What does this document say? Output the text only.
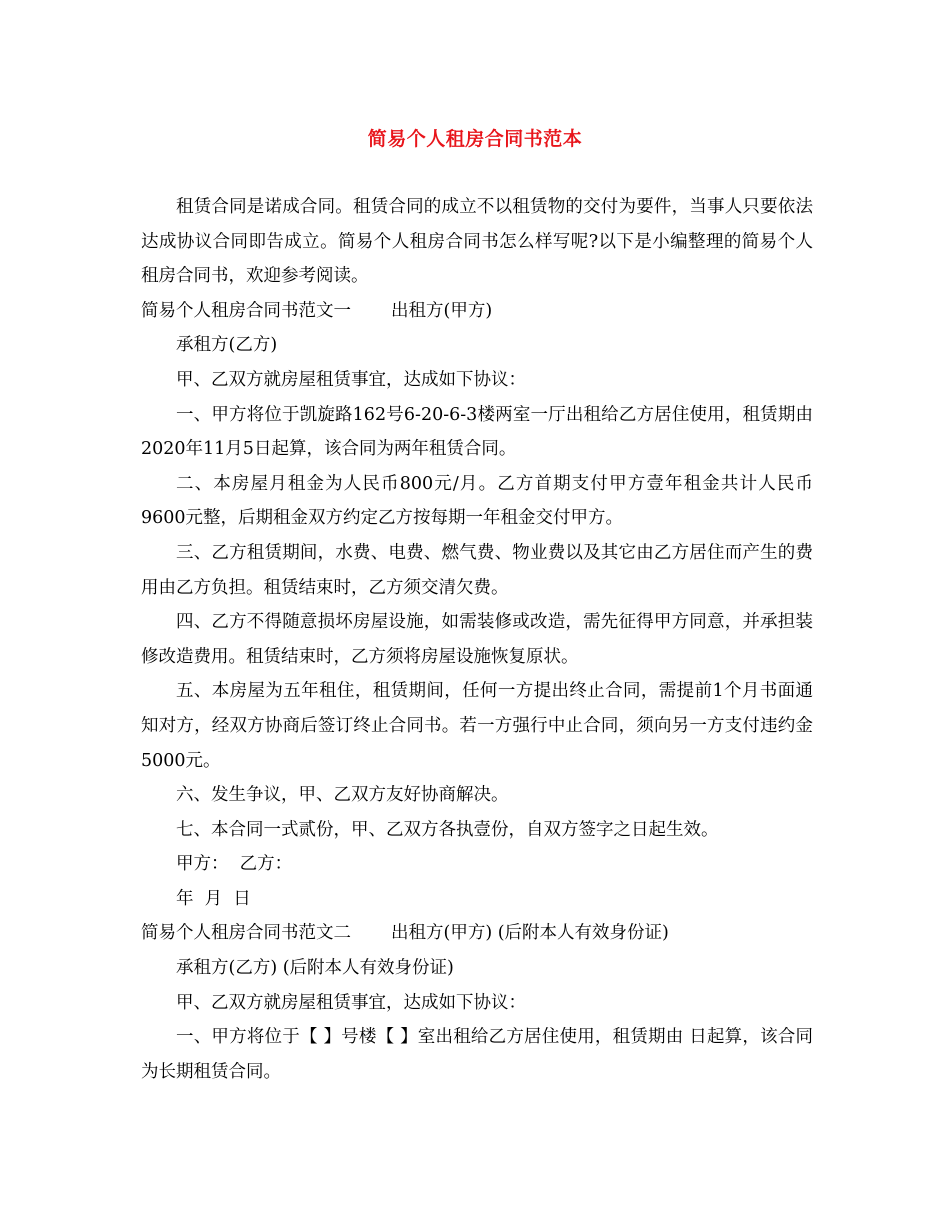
简易个人租房合同书范本

租赁合同是诺成合同。租赁合同的成立不以租赁物的交付为要件，当事人只要依法达成协议合同即告成立。简易个人租房合同书怎么样写呢?以下是小编整理的简易个人租房合同书，欢迎参考阅读。

简易个人租房合同书范文一 出租方(甲方)

承租方(乙方)

甲、乙双方就房屋租赁事宜，达成如下协议：

一、甲方将位于凯旋路162号6-20-6-3楼两室一厅出租给乙方居住使用，租赁期由2020年11月5日起算，该合同为两年租赁合同。

二、本房屋月租金为人民币800元/月。乙方首期支付甲方壹年租金共计人民币9600元整，后期租金双方约定乙方按每期一年租金交付甲方。

三、乙方租赁期间，水费、电费、燃气费、物业费以及其它由乙方居住而产生的费用由乙方负担。租赁结束时，乙方须交清欠费。

四、乙方不得随意损坏房屋设施，如需装修或改造，需先征得甲方同意，并承担装修改造费用。租赁结束时，乙方须将房屋设施恢复原状。

五、本房屋为五年租住，租赁期间，任何一方提出终止合同，需提前1个月书面通知对方，经双方协商后签订终止合同书。若一方强行中止合同，须向另一方支付违约金5000元。

六、发生争议，甲、乙双方友好协商解决。

七、本合同一式贰份，甲、乙双方各执壹份，自双方签字之日起生效。

甲方：  乙方：

年  月  日

简易个人租房合同书范文二 出租方(甲方) (后附本人有效身份证)

承租方(乙方) (后附本人有效身份证)

甲、乙双方就房屋租赁事宜，达成如下协议：

一、甲方将位于【 】号楼【 】室出租给乙方居住使用，租赁期由 日起算，该合同为长期租赁合同。
